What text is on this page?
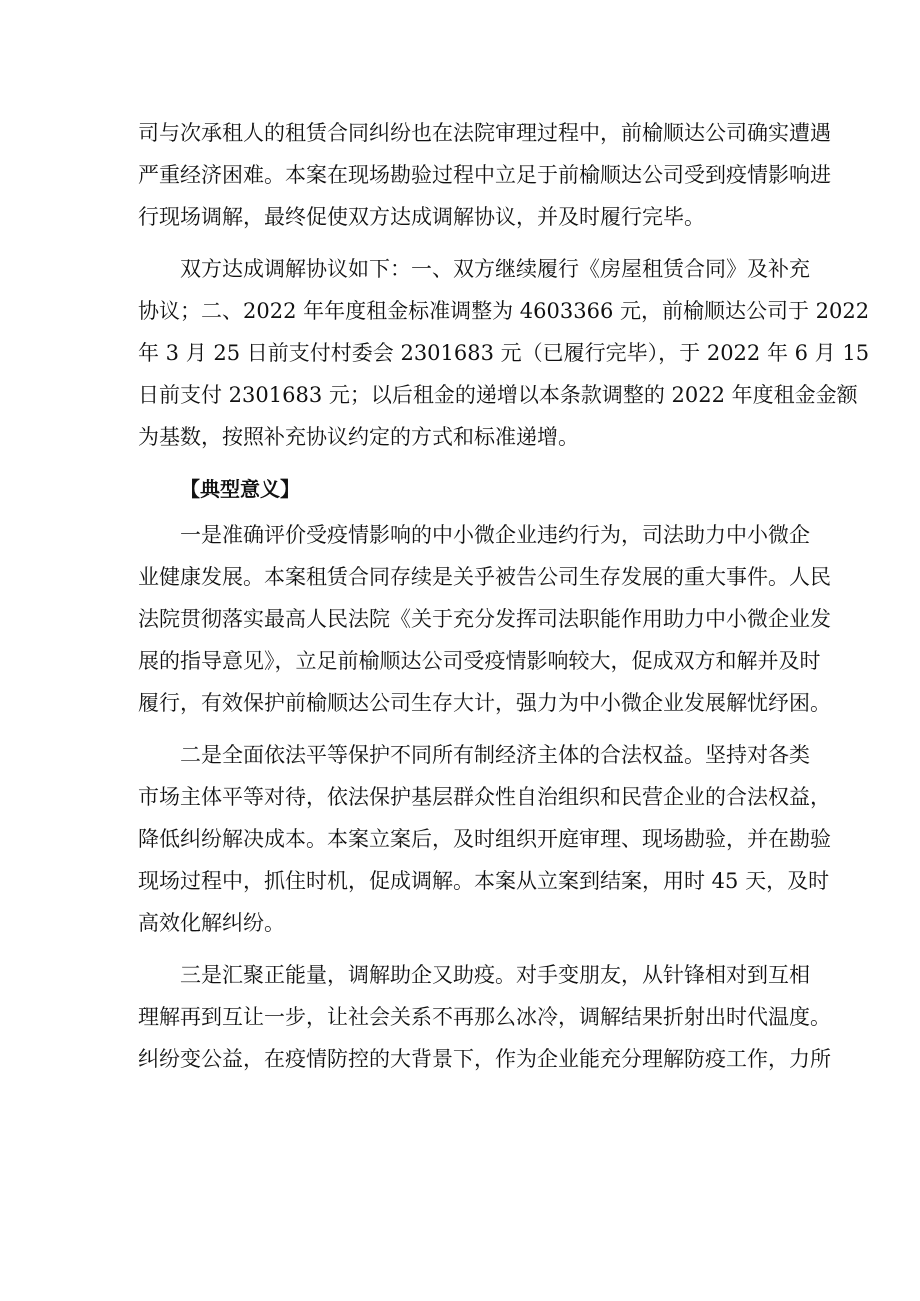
司与次承租人的租赁合同纠纷也在法院审理过程中，前榆顺达公司确实遭遇
严重经济困难。本案在现场勘验过程中立足于前榆顺达公司受到疫情影响进
行现场调解，最终促使双方达成调解协议，并及时履行完毕。
双方达成调解协议如下：一、双方继续履行《房屋租赁合同》及补充
协议；二、2022 年年度租金标准调整为 4603366 元，前榆顺达公司于 2022
年 3 月 25 日前支付村委会 2301683 元（已履行完毕），于 2022 年 6 月 15
日前支付 2301683 元；以后租金的递增以本条款调整的 2022 年度租金金额
为基数，按照补充协议约定的方式和标准递增。
【典型意义】
一是准确评价受疫情影响的中小微企业违约行为，司法助力中小微企
业健康发展。本案租赁合同存续是关乎被告公司生存发展的重大事件。人民
法院贯彻落实最高人民法院《关于充分发挥司法职能作用助力中小微企业发
展的指导意见》，立足前榆顺达公司受疫情影响较大，促成双方和解并及时
履行，有效保护前榆顺达公司生存大计，强力为中小微企业发展解忧纾困。
二是全面依法平等保护不同所有制经济主体的合法权益。坚持对各类
市场主体平等对待，依法保护基层群众性自治组织和民营企业的合法权益，
降低纠纷解决成本。本案立案后，及时组织开庭审理、现场勘验，并在勘验
现场过程中，抓住时机，促成调解。本案从立案到结案，用时 45 天，及时
高效化解纠纷。
三是汇聚正能量，调解助企又助疫。对手变朋友，从针锋相对到互相
理解再到互让一步，让社会关系不再那么冰冷，调解结果折射出时代温度。
纠纷变公益，在疫情防控的大背景下，作为企业能充分理解防疫工作，力所
